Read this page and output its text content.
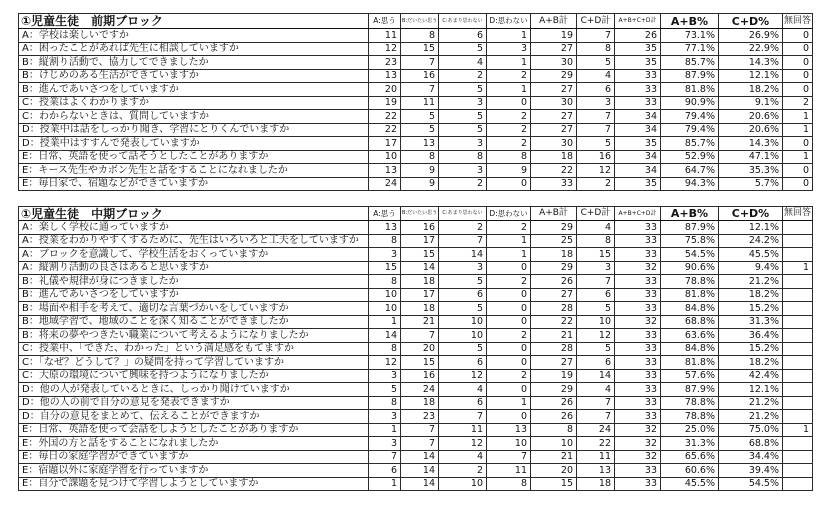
①児童生徒　前期ブロック	A:思う	B:だいたい思う	C:あまり思わない	D:思わない	A+B計	C+D計	A+B+C+D計	A+B%	C+D%	無回答
A：学校は楽しいですか	11	8	6	1	19	7	26	73.1%	26.9%	0
A：困ったことがあれば先生に相談していますか	12	15	5	3	27	8	35	77.1%	22.9%	0
B：縦割り活動で、協力してできましたか	23	7	4	1	30	5	35	85.7%	14.3%	0
B：けじめのある生活ができていますか	13	16	2	2	29	4	33	87.9%	12.1%	0
B：進んであいさつをしていますか	20	7	5	1	27	6	33	81.8%	18.2%	0
C：授業はよくわかりますか	19	11	3	0	30	3	33	90.9%	9.1%	2
C：わからないときは、質問していますか	22	5	5	2	27	7	34	79.4%	20.6%	1
D：授業中は話をしっかり聞き、学習にとりくんでいますか	22	5	5	2	27	7	34	79.4%	20.6%	1
D：授業中はすすんで発表していますか	17	13	3	2	30	5	35	85.7%	14.3%	0
E：日常、英語を使って話そうとしたことがありますか	10	8	8	8	18	16	34	52.9%	47.1%	1
E：キース先生やカボン先生と話をすることになれましたか	13	9	3	9	22	12	34	64.7%	35.3%	0
E：毎日家で、宿題などができていますか	24	9	2	0	33	2	35	94.3%	5.7%	0
①児童生徒　中期ブロック	A:思う	B:だいたい思う	C:あまり思わない	D:思わない	A+B計	C+D計	A+B+C+D計	A+B%	C+D%	無回答
A：楽しく学校に通っていますか	13	16	2	2	29	4	33	87.9%	12.1%	
A：授業をわかりやすくするために、先生はいろいろと工夫をしていますか	8	17	7	1	25	8	33	75.8%	24.2%	
A：ブロックを意識して、学校生活をおくっていますか	3	15	14	1	18	15	33	54.5%	45.5%	
A：縦割り活動の良さはあると思いますか	15	14	3	0	29	3	32	90.6%	9.4%	1
B：礼儀や規律が身につきましたか	8	18	5	2	26	7	33	78.8%	21.2%	
B：進んであいさつをしていますか	10	17	6	0	27	6	33	81.8%	18.2%	
B：場面や相手を考えて、適切な言葉づかいをしていますか	10	18	5	0	28	5	33	84.8%	15.2%	
B：地域学習で、地域のことを深く知ることができましたか	1	21	10	0	22	10	32	68.8%	31.3%	
B：将来の夢やつきたい職業について考えるようになりましたか	14	7	10	2	21	12	33	63.6%	36.4%	
C：授業中、「できた、わかった」という満足感をもてますか	8	20	5	0	28	5	33	84.8%	15.2%	
C：「なぜ？どうして？」の疑問を持って学習していますか	12	15	6	0	27	6	33	81.8%	18.2%	
C：大原の環境について興味を持つようになりましたか	3	16	12	2	19	14	33	57.6%	42.4%	
D：他の人が発表しているときに、しっかり聞けていますか	5	24	4	0	29	4	33	87.9%	12.1%	
D：他の人の前で自分の意見を発表できますか	8	18	6	1	26	7	33	78.8%	21.2%	
D：自分の意見をまとめて、伝えることができますか	3	23	7	0	26	7	33	78.8%	21.2%	
E：日常、英語を使って会話をしようとしたことがありますか	1	7	11	13	8	24	32	25.0%	75.0%	1
E：外国の方と話をすることになれましたか	3	7	12	10	10	22	32	31.3%	68.8%	
E：毎日の家庭学習ができていますか	7	14	4	7	21	11	32	65.6%	34.4%	
E：宿題以外に家庭学習を行っていますか	6	14	2	11	20	13	33	60.6%	39.4%	
E：自分で課題を見つけて学習しようとしていますか	1	14	10	8	15	18	33	45.5%	54.5%	
